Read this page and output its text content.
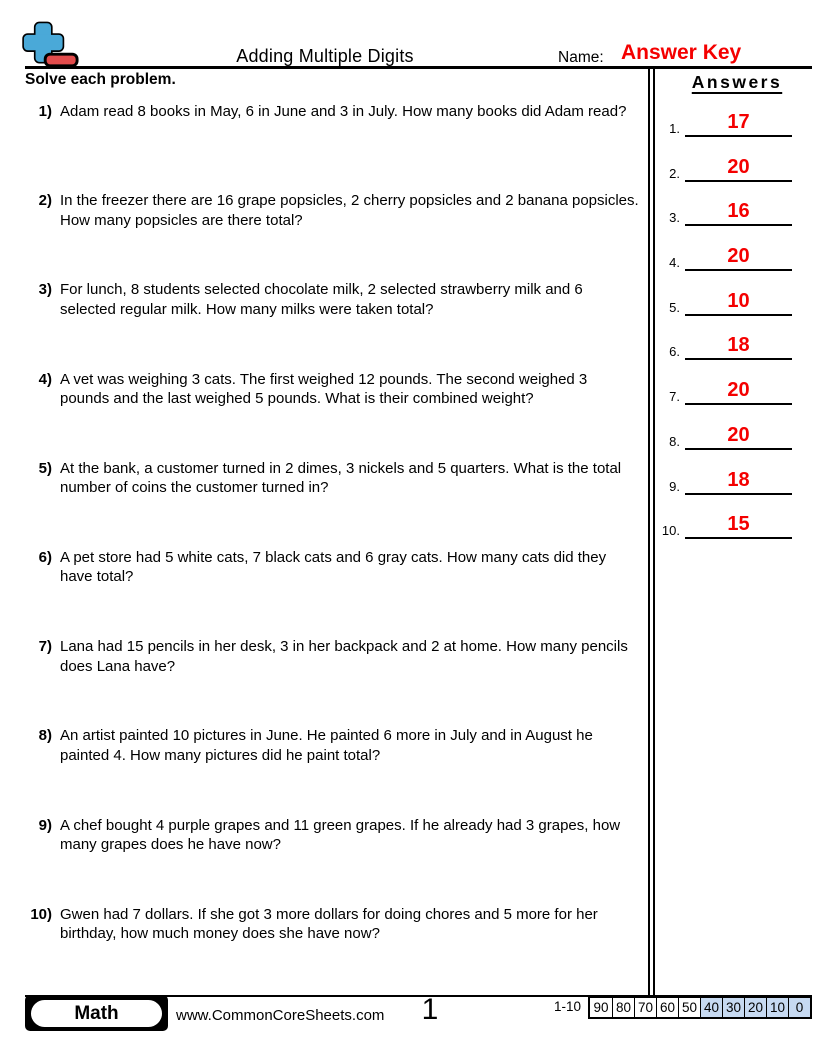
Adding Multiple Digits	Name: Answer Key
Solve each problem.	Answers
1.	17
2.	20
3.	16
4.	20
5.	10
6.	18
7.	20
8.	20
9.	18
10.	15
1) Adam read 8 books in May, 6 in June and 3 in July. How many books did Adam read?
2) In the freezer there are 16 grape popsicles, 2 cherry popsicles and 2 banana popsicles. How many popsicles are there total?
3) For lunch, 8 students selected chocolate milk, 2 selected strawberry milk and 6 selected regular milk. How many milks were taken total?
4) A vet was weighing 3 cats. The first weighed 12 pounds. The second weighed 3 pounds and the last weighed 5 pounds. What is their combined weight?
5) At the bank, a customer turned in 2 dimes, 3 nickels and 5 quarters. What is the total number of coins the customer turned in?
6) A pet store had 5 white cats, 7 black cats and 6 gray cats. How many cats did they have total?
7) Lana had 15 pencils in her desk, 3 in her backpack and 2 at home. How many pencils does Lana have?
8) An artist painted 10 pictures in June. He painted 6 more in July and in August he painted 4. How many pictures did he paint total?
9) A chef bought 4 purple grapes and 11 green grapes. If he already had 3 grapes, how many grapes does he have now?
10) Gwen had 7 dollars. If she got 3 more dollars for doing chores and 5 more for her birthday, how much money does she have now?
Math	www.CommonCoreSheets.com	1	1-10 90 80 70 60 50 40 30 20 10 0
